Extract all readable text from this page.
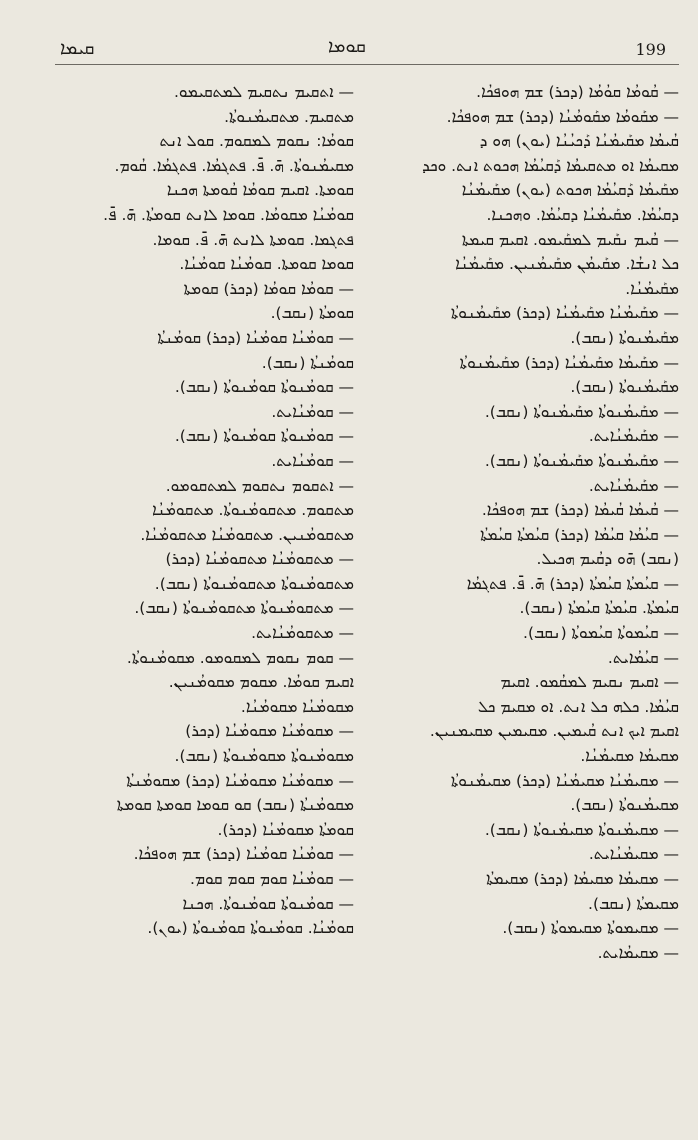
ܩܝܡܐ	ܩܘܡܐ	199
— ܩܳܘܡܳܐ ܩܘܳܡܳܐ (ܕܟܪ) ܫܡ ܗܘܦܟܳܐ.
— ܡܩܰܘܡܳܐ ܡܩܰܘܡܳܢܳܐ (ܕܟܪ) ܫܡ ܗܘܦܟܳܐ.
ܩܳܝܡܳܐ ܡܩܰܝܡܳܢܳܐ ܕܰܟܝܳܢܳܐ (ܝܘܢ) ܗܘ ܕ
ܡܩܝܡܳܐ ܐܘ ܡܬܩܝܡܳܐ ܕܰܩܝܳܡܳܐ ܗܟܘܬ ܐܢܬ. ܘܟܕ
ܡܩܰܝܡܳܐ ܕܰܩܝܳܡܳܐ ܗܟܘܬ (ܝܘܢ) ܡܩܰܝܡܳܢܳܐ
ܕܩܝܳܡܳܐ. ܡܩܰܝܡܳܢܳܐ ܕܩܝܳܡܳܐ. ܘܗܟܢܐ.
— ܩܳܝܡ ܢܩܰܝܡ ܠܡܩܰܝܡܘ. ܐܩܝܡ ܩܝܡܬܐ
ܟܠ ܐܢܫܳܐ. ܡܩܰܝܡܳܢ ܡܩܰܝܡܳܢܝܢ. ܡܩܰܝܡܳܢܳܐ
ܡܩܰܝܡܳܢܳܐ.
— ܡܩܰܝܡܳܢܳܐ ܡܩܰܝܡܳܢܳܐ (ܕܟܪ) ܡܩܰܝܡܳܢܘܬܳܐ
ܡܩܰܝܡܳܢܘܬܳܐ (ܢܩܒ).
— ܡܩܰܝܡܳܐ ܡܩܰܝܡܳܢܳܐ (ܕܟܪ) ܡܩܰܝܡܳܢܘܬܳܐ
ܡܩܰܝܡܳܢܘܬܳܐ (ܢܩܒ).
— ܡܩܰܝܡܳܢܘܬܳܐ ܡܩܰܝܡܳܢܘܬܳܐ (ܢܩܒ).
— ܡܩܰܝܡܳܢܳܐܝܬ.
— ܡܩܰܝܡܳܢܘܬܳܐ ܡܩܰܝܡܳܢܘܬܳܐ (ܢܩܒ).
— ܡܩܰܝܡܳܢܳܐܝܬ.
— ܩܳܝܡܳܐ ܩܳܝܡܳܐ (ܕܟܪ) ܫܡ ܗܘܦܟܳܐ.
— ܩܝܳܡܳܐ ܩܝܳܡܳܐ (ܕܟܪ) ܩܝܳܡܬܳܐ ܩܝܳܡܬܳܐ
(ܢܩܒ) ܗ̄ܘ ܕܩܳܝܡ ܗܟܝܠ.
— ܩܝܳܡܬܳܐ ܩܝܳܡܬܳܐ (ܕܟܪ) ܗ̄. ܦ̄. ܦܬܓܡܳܐ
ܩܝܳܡܬܳܐ. ܩܝܳܡܬܳܐ ܩܝܳܡܬܳܐ (ܢܩܒ).
— ܩܝܳܡܘܬܳܐ ܩܝܳܡܘܬܳܐ (ܢܩܒ).
— ܩܝܳܡܳܐܝܬ.
— ܐܩܝܡ ܢܩܝܡ ܠܡܩܳܡܘ. ܐܩܝܡ
ܩܝܳܡܳܐ. ܟܠܗ ܟܠ ܐܢܬ. ܐܘ ܡܩܝܡ ܟܠ
ܐܩܝܡ ܐܝܟ ܐܢܬ ܩܳܝܡܝܢ. ܡܩܝܡܝܢ ܡܩܝܡܢܝܢ.
ܡܩܝܡܳܐ ܡܩܝܡܳܢܳܐ.
— ܡܩܝܡܳܢܳܐ ܡܩܝܡܳܢܳܐ (ܕܟܪ) ܡܩܝܡܳܢܘܬܳܐ
ܡܩܝܡܳܢܘܬܳܐ (ܢܩܒ).
— ܡܩܝܡܳܢܘܬܳܐ ܡܩܝܡܳܢܘܬܳܐ (ܢܩܒ).
— ܡܩܝܡܳܢܳܐܝܬ.
— ܡܩܝܡܳܐ ܡܩܝܡܳܐ (ܕܟܪ) ܡܩܝܡܬܳܐ
ܡܩܝܡܬܳܐ (ܢܩܒ).
— ܡܩܝܡܘܬܳܐ ܡܩܝܡܘܬܳܐ (ܢܩܒ).
— ܡܩܝܡܳܐܝܬ.
— ܐܬܩܝܡ ܢܬܩܝܡ ܠܡܬܩܝܡܘ.
ܡܬܩܝܡ. ܡܬܩܝܡܳܢܘܬܳܐ.
ܩܘܡܳܐ: ܢܩܘܡ ܠܡܩܘܡ. ܩܘܠ ܐܢܬ
ܡܩܝܡܳܢܘܬܳܐ. ܗ̄. ܦ̄. ܦܬܓܡܳܐ. ܦܬܓܡܳܐ. ܩܳܘܡ.
ܩܘܡܬܐ. ܐܩܝܡ ܩܘܡܳܐ ܩܳܘܡܬܐ ܗܟܢܐ
ܩܘܡܳܢܳܐ ܡܩܘܡܳܐ. ܩܘܡܐ ܠܐܢܬ ܩܘܡܬܳܐ. ܗ̄. ܦ̄.
ܦܬܓܡܐ. ܩܘܡܬܐ ܠܐܢܬ ܗ̄. ܦ̄. ܩܘܡܐ.
ܩܘܡܐ ܩܘܡܬܐ. ܩܘܡܳܢܳܐ ܩܘܡܳܢܳܐ.
— ܩܘܡܳܐ ܩܘܡܳܐ (ܕܟܪ) ܩܘܡܬܐ
ܩܘܡܬܳܐ (ܢܩܒ).
— ܩܘܡܳܢܳܐ ܩܘܡܳܢܳܐ (ܕܟܪ) ܩܘܡܳܢܬܳܐ
ܩܘܡܳܢܬܳܐ (ܢܩܒ).
— ܩܘܡܳܢܘܬܳܐ ܩܘܡܳܢܘܬܳܐ (ܢܩܒ).
— ܩܘܡܳܢܳܐܝܬ.
— ܩܘܡܳܢܘܬܳܐ ܩܘܡܳܢܘܬܳܐ (ܢܩܒ).
— ܩܘܡܳܢܳܐܝܬ.
— ܐܬܩܘܡ ܢܬܩܘܡ ܠܡܬܩܘܡܘ.
ܡܬܩܘܡ. ܡܬܩܘܡܳܢܘܬܳܐ. ܡܬܩܘܡܳܢܳܐ
ܡܬܩܘܡܳܢܝܢ. ܡܬܩܘܡܳܢܳܐ ܡܬܩܘܡܳܢܳܐ.
— ܡܬܩܘܡܳܢܳܐ ܡܬܩܘܡܳܢܳܐ (ܕܟܪ)
ܡܬܩܘܡܳܢܘܬܳܐ ܡܬܩܘܡܳܢܘܬܳܐ (ܢܩܒ).
— ܡܬܩܘܡܳܢܘܬܳܐ ܡܬܩܘܡܳܢܘܬܳܐ (ܢܩܒ).
— ܡܬܩܘܡܳܢܳܐܝܬ.
— ܩܘܡ ܢܩܘܡ ܠܡܩܘܡܘ. ܡܩܘܡܳܢܘܬܳܐ.
ܐܩܝܡ ܩܘܡܳܐ. ܡܩܘܡ ܡܩܘܡܳܢܝܢ.
ܡܩܘܡܳܢܳܐ ܡܩܘܡܳܢܳܐ.
— ܡܩܘܡܳܢܳܐ ܡܩܘܡܳܢܳܐ (ܕܟܪ)
ܡܩܘܡܳܢܘܬܳܐ ܡܩܘܡܳܢܘܬܳܐ (ܢܩܒ).
— ܡܩܘܡܳܢܳܐ ܡܩܘܡܳܢܳܐ (ܕܟܪ) ܡܩܘܡܳܢܬܳܐ
ܡܩܘܡܳܢܬܳܐ (ܢܩܒ) ܩܘ ܩܘܡܐ ܩܘܡܬܐ ܩܘܡܬܐ
ܩܘܡܬܳܐ ܡܩܘܡܳܢܳܐ (ܕܟܪ).
— ܩܘܡܳܢܳܐ ܩܘܡܳܢܳܐ (ܕܟܪ) ܫܡ ܗܘܦܟܳܐ.
— ܩܘܡܳܢܳܐ ܩܘܡ ܩܘܡ ܩܘܡ.
— ܩܘܡܳܢܘܬܳܐ ܩܘܡܳܢܘܬܳܐ. ܗܟܢܐ
ܩܘܡܳܢܳܐ. ܩܘܡܳܢܘܬܳܐ ܩܘܡܳܢܘܬܳܐ (ܝܘܢ).
